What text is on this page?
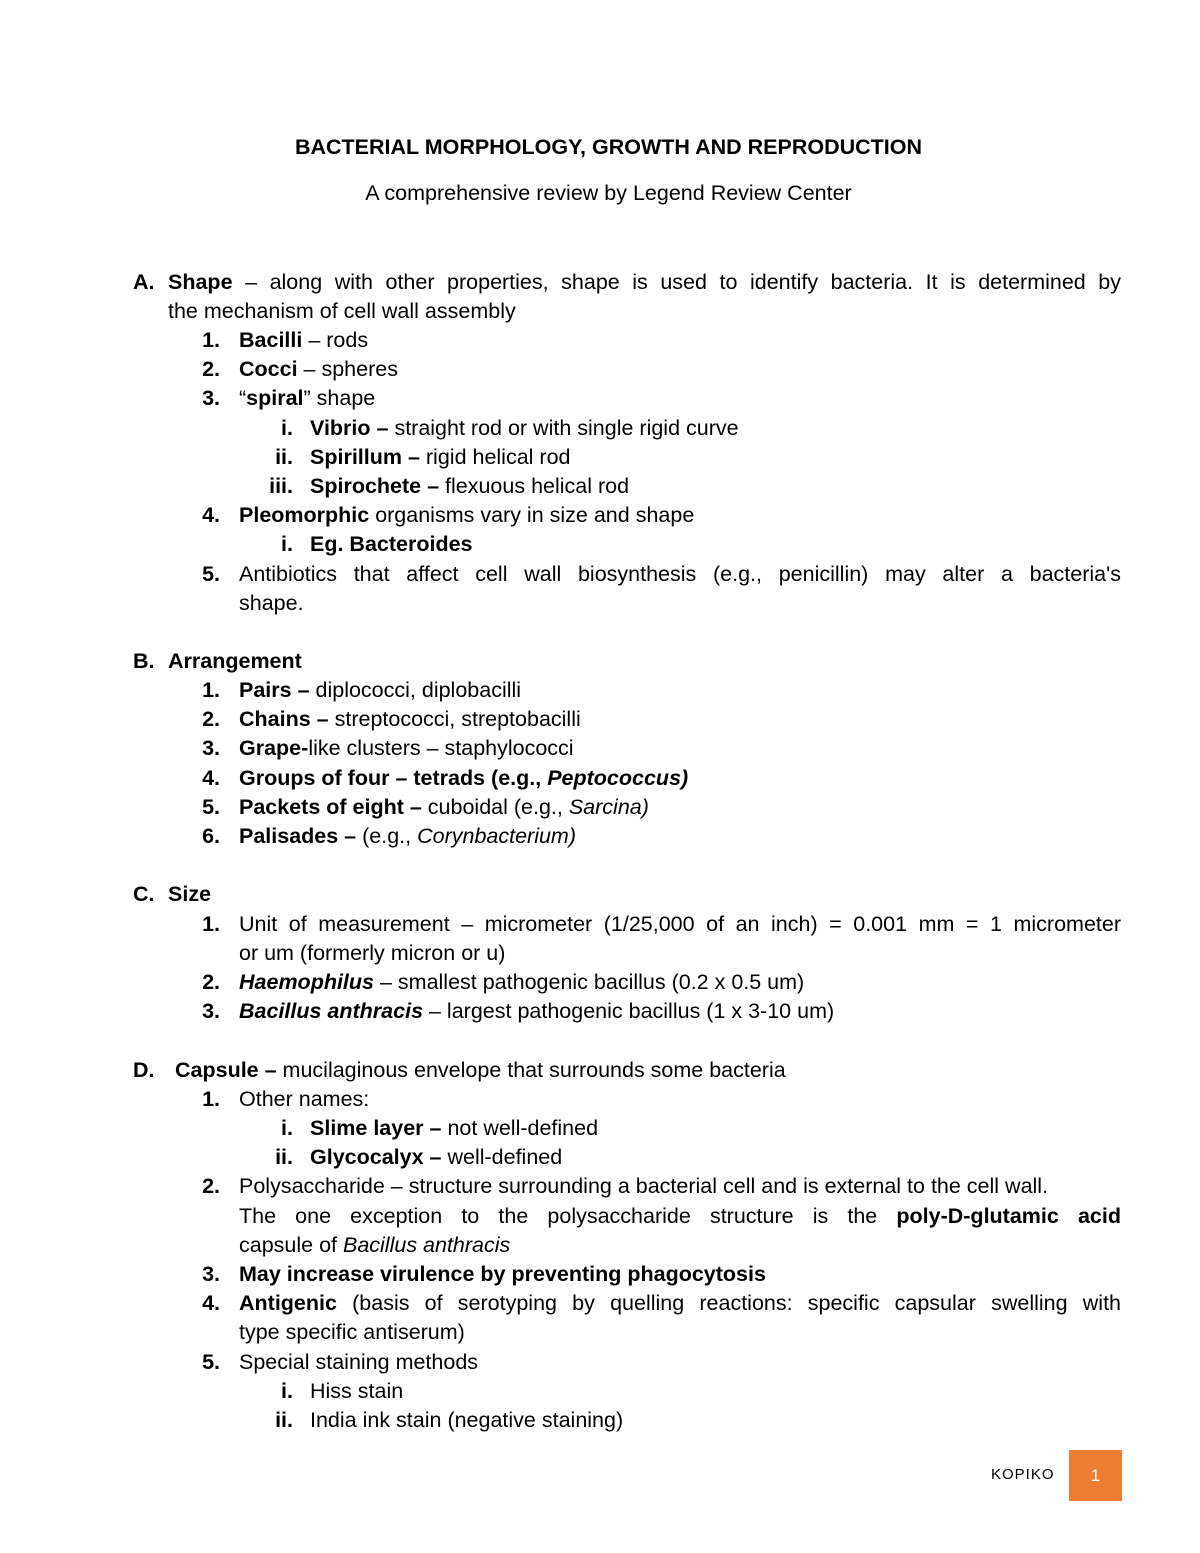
BACTERIAL MORPHOLOGY, GROWTH AND REPRODUCTION
A comprehensive review by Legend Review Center
A. Shape – along with other properties, shape is used to identify bacteria. It is determined by
the mechanism of cell wall assembly
1. Bacilli – rods
2. Cocci – spheres
3. “spiral” shape
i. Vibrio – straight rod or with single rigid curve
ii. Spirillum – rigid helical rod
iii. Spirochete – flexuous helical rod
4. Pleomorphic organisms vary in size and shape
i. Eg. Bacteroides
5. Antibiotics that affect cell wall biosynthesis (e.g., penicillin) may alter a bacteria's
shape.
B. Arrangement
1. Pairs – diplococci, diplobacilli
2. Chains – streptococci, streptobacilli
3. Grape-like clusters – staphylococci
4. Groups of four – tetrads (e.g., Peptococcus)
5. Packets of eight – cuboidal (e.g., Sarcina)
6. Palisades – (e.g., Corynbacterium)
C. Size
1. Unit of measurement – micrometer (1/25,000 of an inch) = 0.001 mm = 1 micrometer
or um (formerly micron or u)
2. Haemophilus – smallest pathogenic bacillus (0.2 x 0.5 um)
3. Bacillus anthracis – largest pathogenic bacillus (1 x 3-10 um)
D. Capsule – mucilaginous envelope that surrounds some bacteria
1. Other names:
i. Slime layer – not well-defined
ii. Glycocalyx – well-defined
2. Polysaccharide – structure surrounding a bacterial cell and is external to the cell wall.
The one exception to the polysaccharide structure is the poly-D-glutamic acid
capsule of Bacillus anthracis
3. May increase virulence by preventing phagocytosis
4. Antigenic (basis of serotyping by quelling reactions: specific capsular swelling with
type specific antiserum)
5. Special staining methods
i. Hiss stain
ii. India ink stain (negative staining)
KOPIKO	1
